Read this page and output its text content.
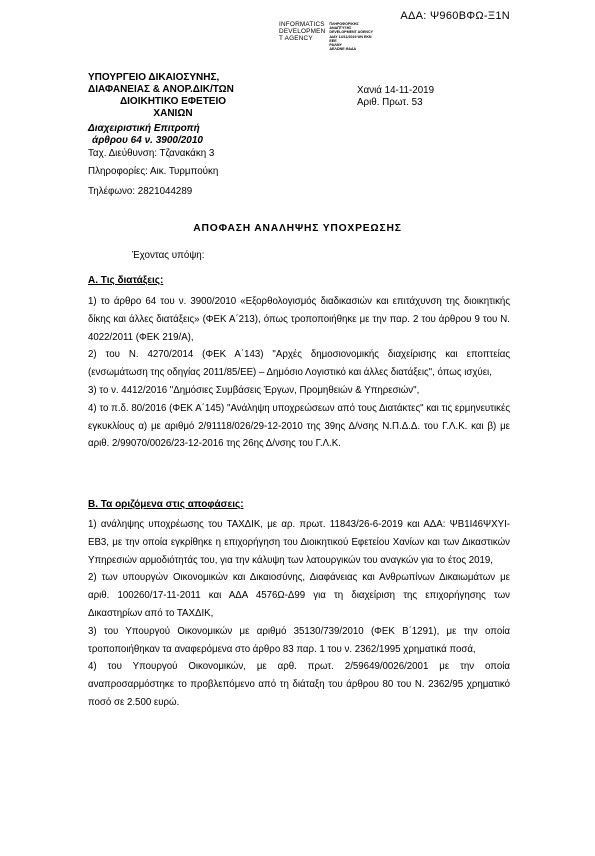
ΑΔΑ: Ψ960ΒΦΩ-Ξ1Ν
INFORMATICS
DEVELOPMEN
T AGENCY
ΠΛΗΡΟΦΟΡΙΚΗΣ
ΑΝΑΠΤΥΞΗΣ
DEVELOPMENT AGENCY
ΔΙΑΥ 14/11/2019 ΨΝ ΕΚΝ
ΕΕΕ
ΡΑΛΜΥ
ΔΕΛΩΝΕ ΘΑΔΑ
ΥΠΟΥΡΓΕΙΟ ΔΙΚΑΙΟΣΥΝΗΣ,
ΔΙΑΦΑΝΕΙΑΣ & ΑΝΟΡ.ΔΙΚ/ΤΩΝ
ΔΙΟΙΚΗΤΙΚΟ ΕΦΕΤΕΙΟ
ΧΑΝΙΩΝ
Διαχειριστική Επιτροπή
άρθρου 64 ν. 3900/2010
Ταχ. Διεύθυνση: Τζανακάκη 3
Πληροφορίες: Αικ. Τυρμπούκη
Τηλέφωνο: 2821044289
Χανιά 14-11-2019
Αριθ. Πρωτ. 53
ΑΠΟΦΑΣΗ ΑΝΑΛΗΨΗΣ ΥΠΟΧΡΕΩΣΗΣ
Έχοντας υπόψη:
Α. Τις διατάξεις:
1) το άρθρο 64 του ν. 3900/2010 «Εξορθολογισμός διαδικασιών και επιτάχυνση της διοικητικής δίκης και άλλες διατάξεις» (ΦΕΚ Α΄213), όπως τροποποιήθηκε με την παρ. 2 του άρθρου 9 του Ν. 4022/2011 (ΦΕΚ 219/Α),
2) του Ν. 4270/2014 (ΦΕΚ Α΄143) "Αρχές δημοσιονομικής διαχείρισης και εποπτείας (ενσωμάτωση της οδηγίας 2011/85/ΕΕ) – Δημόσιο Λογιστικό και άλλες διατάξεις", όπως ισχύει,
3) το ν. 4412/2016 "Δημόσιες Συμβάσεις Έργων, Προμηθειών & Υπηρεσιών",
4) το π.δ. 80/2016 (ΦΕΚ Α΄145) "Ανάληψη υποχρεώσεων από τους Διατάκτες" και τις ερμηνευτικές εγκυκλίους α) με αριθμό 2/91118/026/29-12-2010 της 39ης Δ/νσης Ν.Π.Δ.Δ. του Γ.Λ.Κ. και β) με αριθ. 2/99070/0026/23-12-2016 της 26ης Δ/νσης του Γ.Λ.Κ.
Β. Τα οριζόμενα στις αποφάσεις:
1) ανάληψης υποχρέωσης του ΤΑΧΔΙΚ, με αρ. πρωτ. 11843/26-6-2019 και ΑΔΑ: ΨΒ1Ι46ΨΧΥΙ-ΕΒ3, με την οποία εγκρίθηκε η επιχορήγηση του Διοικητικού Εφετείου Χανίων και των Δικαστικών Υπηρεσιών αρμοδιότητάς του, για την κάλυψη των λατουργικών του αναγκών για το έτος 2019,
2) των υπουργών Οικονομικών και Δικαιοσύνης, Διαφάνειας και Ανθρωπίνων Δικαιωμάτων με αριθ. 100260/17-11-2011 και ΑΔΑ 4576Ω-Δ99 για τη διαχείριση της επιχορήγησης των Δικαστηρίων από το ΤΑΧΔΙΚ,
3) του Υπουργού Οικονομικών με αριθμό 35130/739/2010 (ΦΕΚ Β΄1291), με την οποία τροποποιήθηκαν τα αναφερόμενα στο άρθρο 83 παρ. 1 του ν. 2362/1995 χρηματικά ποσά,
4) του Υπουργού Οικονομικών, με αρθ. πρωτ. 2/59649/0026/2001 με την οποία αναπροσαρμόστηκε το προβλεπόμενο από τη διάταξη του άρθρου 80 του Ν. 2362/95 χρηματικό ποσό σε 2.500 ευρώ.
